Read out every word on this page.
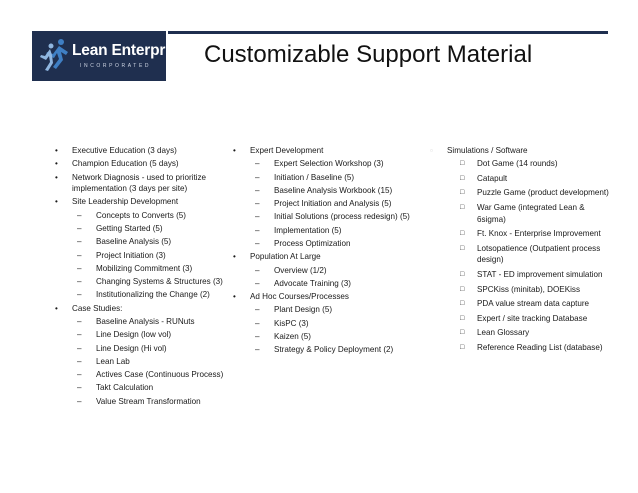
Lean Enterprise
INCORPORATED Customizable Support Material
• Executive Education (3 days)
• Champion Education (5 days)
• Network Diagnosis - used to prioritize implementation (3 days per site)
• Site Leadership Development
– Concepts to Converts (5)
– Getting Started (5)
– Baseline Analysis (5)
– Project Initiation (3)
– Mobilizing Commitment (3)
– Changing Systems & Structures (3)
– Institutionalizing the Change (2)
• Case Studies:
– Baseline Analysis - RUNuts
– Line Design (low vol)
– Line Design (Hi vol)
– Lean Lab
– Actives Case (Continuous Process)
– Takt Calculation
– Value Stream Transformation
• Expert Development
– Expert Selection Workshop (3)
– Initiation / Baseline (5)
– Baseline Analysis Workbook (15)
– Project Initiation and Analysis (5)
– Initial Solutions (process redesign) (5)
– Implementation (5)
– Process Optimization
• Population At Large
– Overview (1/2)
– Advocate Training (3)
• Ad Hoc Courses/Processes
– Plant Design (5)
– KisPC (3)
– Kaizen (5)
– Strategy & Policy Deployment (2)
▫ Simulations / Software
□ Dot Game (14 rounds)
□ Catapult
□ Puzzle Game (product development)
□ War Game (integrated Lean & 6sigma)
□ Ft. Knox - Enterprise Improvement
□ Lotsopatience (Outpatient process design)
□ STAT - ED improvement simulation
□ SPCKiss (minitab), DOEKiss
□ PDA value stream data capture
□ Expert / site tracking Database
□ Lean Glossary
□ Reference Reading List (database)
